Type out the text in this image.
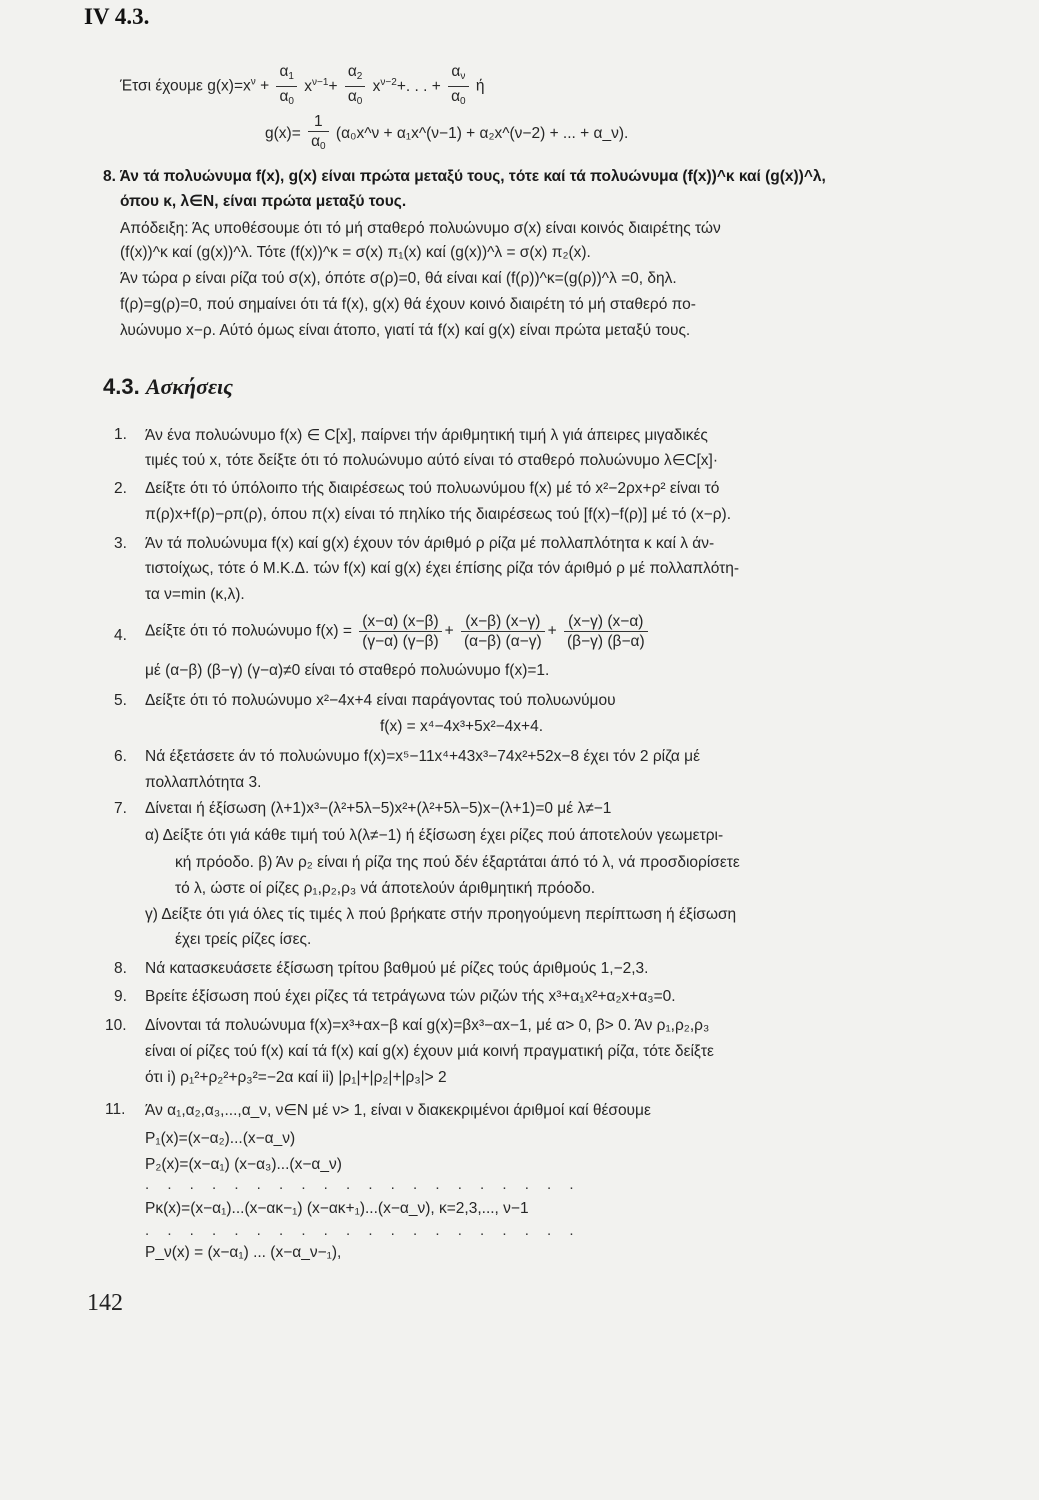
IV 4.3.
Έτσι έχουμε $g(x)=x^\nu + \frac{\alpha_1}{\alpha_0} x^{\nu-1}+ \frac{\alpha_2}{\alpha_0} x^{\nu-2}+$. . . + $\frac{\alpha_\nu}{\alpha_0}$ ή
$g(x)= \frac{1}{\alpha_0}$ (α₀x^ν + α₁x^(ν−1) + α₂x^(ν−2) + ... + α_ν).
8. Άν τά πολυώνυμα f(x), g(x) είναι πρώτα μεταξύ τους, τότε καί τά πολυώνυμα (f(x))^κ καί (g(x))^λ,
όπου κ, λ∈N, είναι πρώτα μεταξύ τους.
Απόδειξη: Άς υποθέσουμε ότι τό μή σταθερό πολυώνυμο σ(x) είναι κοινός διαιρέτης τών
(f(x))^κ καί (g(x))^λ. Τότε (f(x))^κ = σ(x) π₁(x) καί (g(x))^λ = σ(x) π₂(x).
Άν τώρα ρ είναι ρίζα τού σ(x), όπότε σ(ρ)=0, θά είναι καί (f(ρ))^κ=(g(ρ))^λ =0, δηλ.
f(ρ)=g(ρ)=0, πού σημαίνει ότι τά f(x), g(x) θά έχουν κοινό διαιρέτη τό μή σταθερό πο-
λυώνυμο x−ρ. Αύτό όμως είναι άτοπο, γιατί τά f(x) καί g(x) είναι πρώτα μεταξύ τους.
4.3. Ασκήσεις
1. Άν ένα πολυώνυμο f(x) ∈ C[x], παίρνει τήν άριθμητική τιμή λ γιά άπειρες μιγαδικές
τιμές τού x, τότε δείξτε ότι τό πολυώνυμο αύτό είναι τό σταθερό πολυώνυμο λ∈C[x]·
2. Δείξτε ότι τό ύπόλοιπο τής διαιρέσεως τού πολυωνύμου f(x) μέ τό x²−2ρx+ρ² είναι τό
π(ρ)x+f(ρ)−ρπ(ρ), όπου π(x) είναι τό πηλίκο τής διαιρέσεως τού [f(x)−f(ρ)] μέ τό (x−ρ).
3. Άν τά πολυώνυμα f(x) καί g(x) έχουν τόν άριθμό ρ ρίζα μέ πολλαπλότητα κ καί λ άν-
τιστοίχως, τότε ό Μ.Κ.Δ. τών f(x) καί g(x) έχει έπίσης ρίζα τόν άριθμό ρ μέ πολλαπλότη-
τα ν=min (κ,λ).
4. Δείξτε ότι τό πολυώνυμο $f(x) = \frac{(x-\alpha) (x-\beta)}{(\gamma-\alpha) (\gamma-\beta)} + \frac{(x-\beta) (x-\gamma)}{(\alpha-\beta) (\alpha-\gamma)} + \frac{(x-\gamma) (x-\alpha)}{(\beta-\gamma) (\beta-\alpha)}$
μέ (α−β) (β−γ) (γ−α)≠0 είναι τό σταθερό πολυώνυμο f(x)=1.
5. Δείξτε ότι τό πολυώνυμο x²−4x+4 είναι παράγοντας τού πολυωνύμου
f(x) = x⁴−4x³+5x²−4x+4.
6. Νά έξετάσετε άν τό πολυώνυμο f(x)=x⁵−11x⁴+43x³−74x²+52x−8 έχει τόν 2 ρίζα μέ
πολλαπλότητα 3.
7. Δίνεται ή έξίσωση (λ+1)x³−(λ²+5λ−5)x²+(λ²+5λ−5)x−(λ+1)=0 μέ λ≠−1
α) Δείξτε ότι γιά κάθε τιμή τού λ(λ≠−1) ή έξίσωση έχει ρίζες πού άποτελούν γεωμετρι-
κή πρόοδο. β) Άν ρ₂ είναι ή ρίζα της πού δέν έξαρτάται άπό τό λ, νά προσδιορίσετε
τό λ, ώστε οί ρίζες ρ₁,ρ₂,ρ₃ νά άποτελούν άριθμητική πρόοδο.
γ) Δείξτε ότι γιά όλες τίς τιμές λ πού βρήκατε στήν προηγούμενη περίπτωση ή έξίσωση
έχει τρείς ρίζες ίσες.
8. Νά κατασκευάσετε έξίσωση τρίτου βαθμού μέ ρίζες τούς άριθμούς 1,−2,3.
9. Βρείτε έξίσωση πού έχει ρίζες τά τετράγωνα τών ριζών τής x³+α₁x²+α₂x+α₃=0.
10. Δίνονται τά πολυώνυμα f(x)=x³+αx−β καί g(x)=βx³−αx−1, μέ α> 0, β> 0. Άν ρ₁,ρ₂,ρ₃
είναι οί ρίζες τού f(x) καί τά f(x) καί g(x) έχουν μιά κοινή πραγματική ρίζα, τότε δείξτε
ότι i) ρ₁²+ρ₂²+ρ₃²=−2α καί ii) |ρ₁|+|ρ₂|+|ρ₃|> 2
11. Άν α₁,α₂,α₃,...,α_ν, ν∈N μέ ν> 1, είναι ν διακεκριμένοι άριθμοί καί θέσουμε
P₁(x)=(x−α₂)...(x−α_ν)
P₂(x)=(x−α₁) (x−α₃)...(x−α_ν)
. . . . . . . . . . . . . . . . . . . .
Pκ(x)=(x−α₁)...(x−ακ−₁) (x−ακ+₁)...(x−α_ν), κ=2,3,..., ν−1
. . . . . . . . . . . . . . . . . . . .
P_ν(x) = (x−α₁) ... (x−α_ν−₁),
142
